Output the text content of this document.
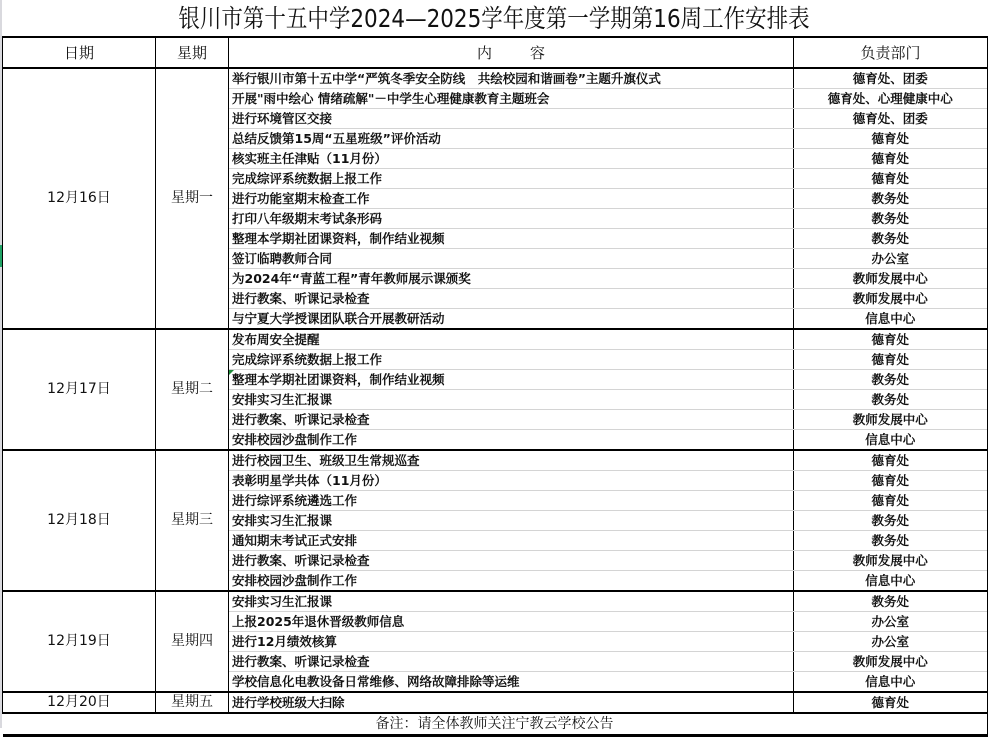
银川市第十五中学2024—2025学年度第一学期第16周工作安排表
日期	星期	内容	负责部门
12月16日	星期一	举行银川市第十五中学“严筑冬季安全防线　共绘校园和谐画卷”主题升旗仪式	德育处、团委
		开展"雨中绘心 情绪疏解"－中学生心理健康教育主题班会	德育处、心理健康中心
		进行环境管区交接	德育处、团委
		总结反馈第15周“五星班级”评价活动	德育处
		核实班主任津贴（11月份）	德育处
		完成综评系统数据上报工作	德育处
		进行功能室期末检查工作	教务处
		打印八年级期末考试条形码	教务处
		整理本学期社团课资料，制作结业视频	教务处
		签订临聘教师合同	办公室
		为2024年“青蓝工程”青年教师展示课颁奖	教师发展中心
		进行教案、听课记录检查	教师发展中心
		与宁夏大学授课团队联合开展教研活动	信息中心
12月17日	星期二	发布周安全提醒	德育处
		完成综评系统数据上报工作	德育处
		整理本学期社团课资料，制作结业视频	教务处
		安排实习生汇报课	教务处
		进行教案、听课记录检查	教师发展中心
		安排校园沙盘制作工作	信息中心
12月18日	星期三	进行校园卫生、班级卫生常规巡查	德育处
		表彰明星学共体（11月份）	德育处
		进行综评系统遴选工作	德育处
		安排实习生汇报课	教务处
		通知期末考试正式安排	教务处
		进行教案、听课记录检查	教师发展中心
		安排校园沙盘制作工作	信息中心
12月19日	星期四	安排实习生汇报课	教务处
		上报2025年退休晋级教师信息	办公室
		进行12月绩效核算	办公室
		进行教案、听课记录检查	教师发展中心
		学校信息化电教设备日常维修、网络故障排除等运维	信息中心
12月20日	星期五	进行学校班级大扫除	德育处
备注：请全体教师关注宁教云学校公告			
